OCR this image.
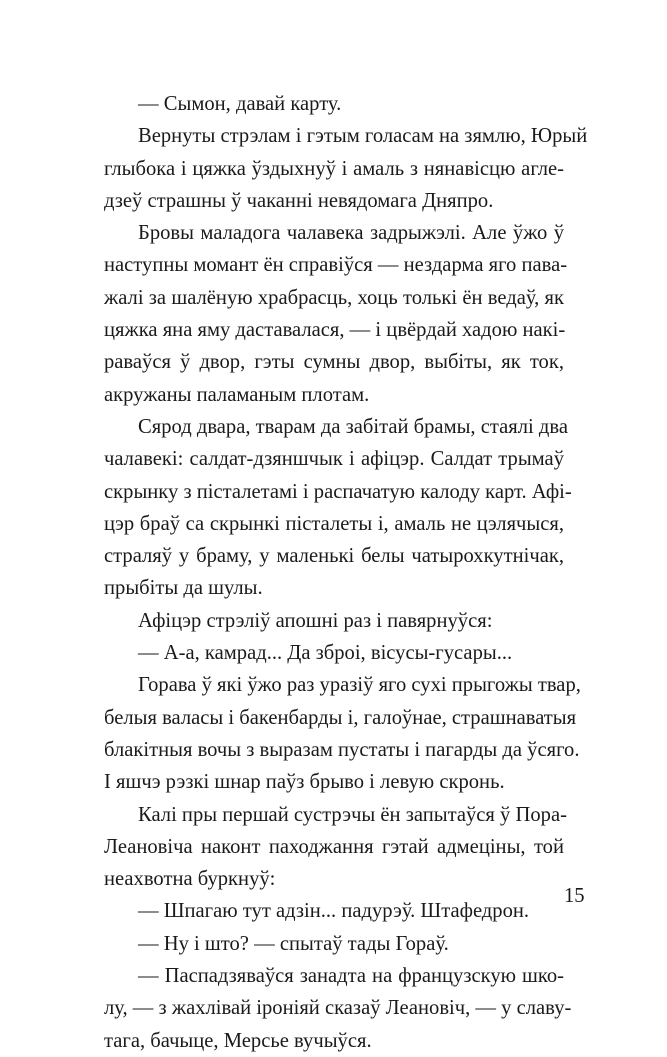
— Сымон, давай карту.
Вернуты стрэлам і гэтым голасам на зямлю, Юрый
глыбока і цяжка ўздыхнуў і амаль з нянавісцю агле-
дзеў страшны ў чаканні невядомага Дняпро.
Бровы маладога чалавека задрыжэлі. Але ўжо ў
наступны момант ён справіўся — нездарма яго пава-
жалі за шалёную храбрасць, хоць толькі ён ведаў, як
цяжка яна яму даставалася, — і цвёрдай хадою нaкі-
раваўся ў двор, гэты сумны двор, выбіты, як ток,
акружаны паламаным плотам.
Сярод двара, тварам да забітай брамы, стаялі два
чалавекі: салдат-дзяншчык і афіцэр. Салдат трымаў
скрынку з пісталетамі і распачатую калоду карт. Афі-
цэр браў са скрынкі пісталеты і, амаль не цэлячыся,
страляў у браму, у маленькі белы чатырохкутнічак,
прыбіты да шулы.
Афіцэр стрэліў апошні раз і павярнуўся:
— А-а, камрад... Да зброі, вісусы-гусары...
Горава ў які ўжо раз уразіў яго сухі прыгожы твар,
белыя валасы і бакенбарды і, галоўнае, страшнаватыя
блакітныя вочы з выразам пустаты і пагарды да ўсяго.
І яшчэ рэзкі шнар паўз брыво і левую скронь.
Калі пры першай сустрэчы ён запытаўся ў Пора-
Леановіча наконт паходжання гэтай адмецiны, той
неахвотна буркнуў:
— Шпагаю тут адзін... падурэў. Штафедрон.
— Ну і што? — спытаў тады Гораў.
— Паспадзяваўся занадта на французскую шко-
лу, — з жахлівай іроніяй сказаў Леановіч, — у славу-
тага, бачыце, Мерсье вучыўся.
15
